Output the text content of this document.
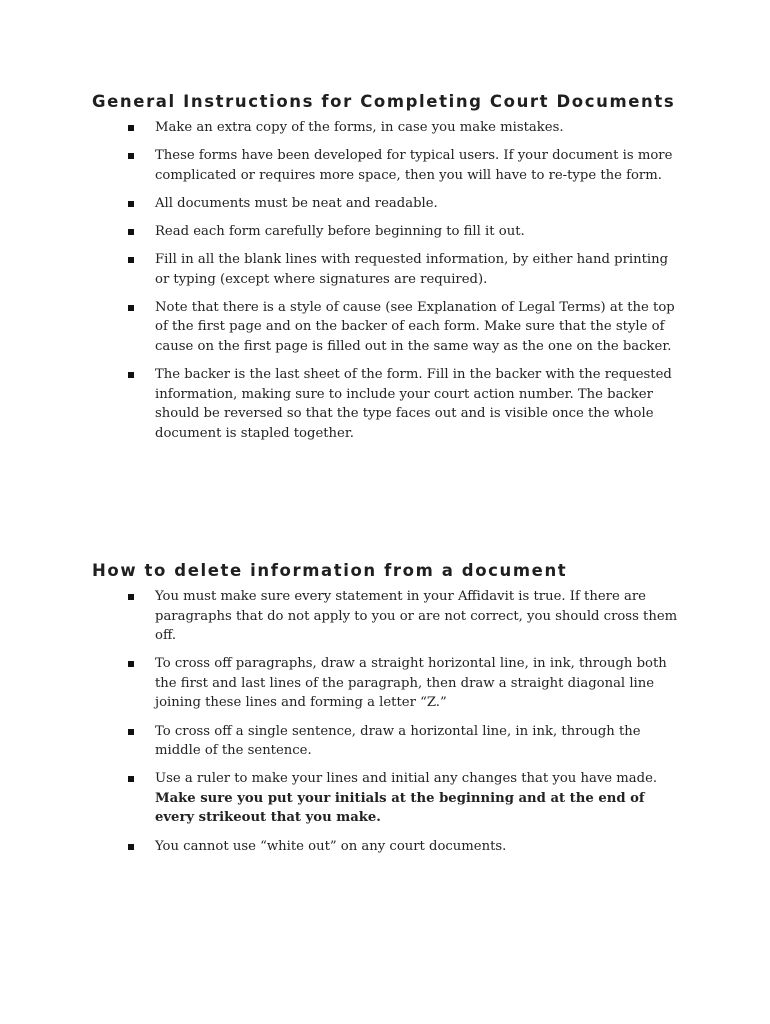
General Instructions for Completing Court Documents
Make an extra copy of the forms, in case you make mistakes.
These forms have been developed for typical users. If your document is more complicated or requires more space, then you will have to re-type the form.
All documents must be neat and readable.
Read each form carefully before beginning to fill it out.
Fill in all the blank lines with requested information, by either hand printing or typing (except where signatures are required).
Note that there is a style of cause (see Explanation of Legal Terms) at the top of the first page and on the backer of each form. Make sure that the style of cause on the first page is filled out in the same way as the one on the backer.
The backer is the last sheet of the form. Fill in the backer with the requested information, making sure to include your court action number. The backer should be reversed so that the type faces out and is visible once the whole document is stapled together.
How to delete information from a document
You must make sure every statement in your Affidavit is true. If there are paragraphs that do not apply to you or are not correct, you should cross them off.
To cross off paragraphs, draw a straight horizontal line, in ink, through both the first and last lines of the paragraph, then draw a straight diagonal line joining these lines and forming a letter “Z.”
To cross off a single sentence, draw a horizontal line, in ink, through the middle of the sentence.
Use a ruler to make your lines and initial any changes that you have made.
Make sure you put your initials at the beginning and at the end of every strikeout that you make.
You cannot use “white out” on any court documents.
